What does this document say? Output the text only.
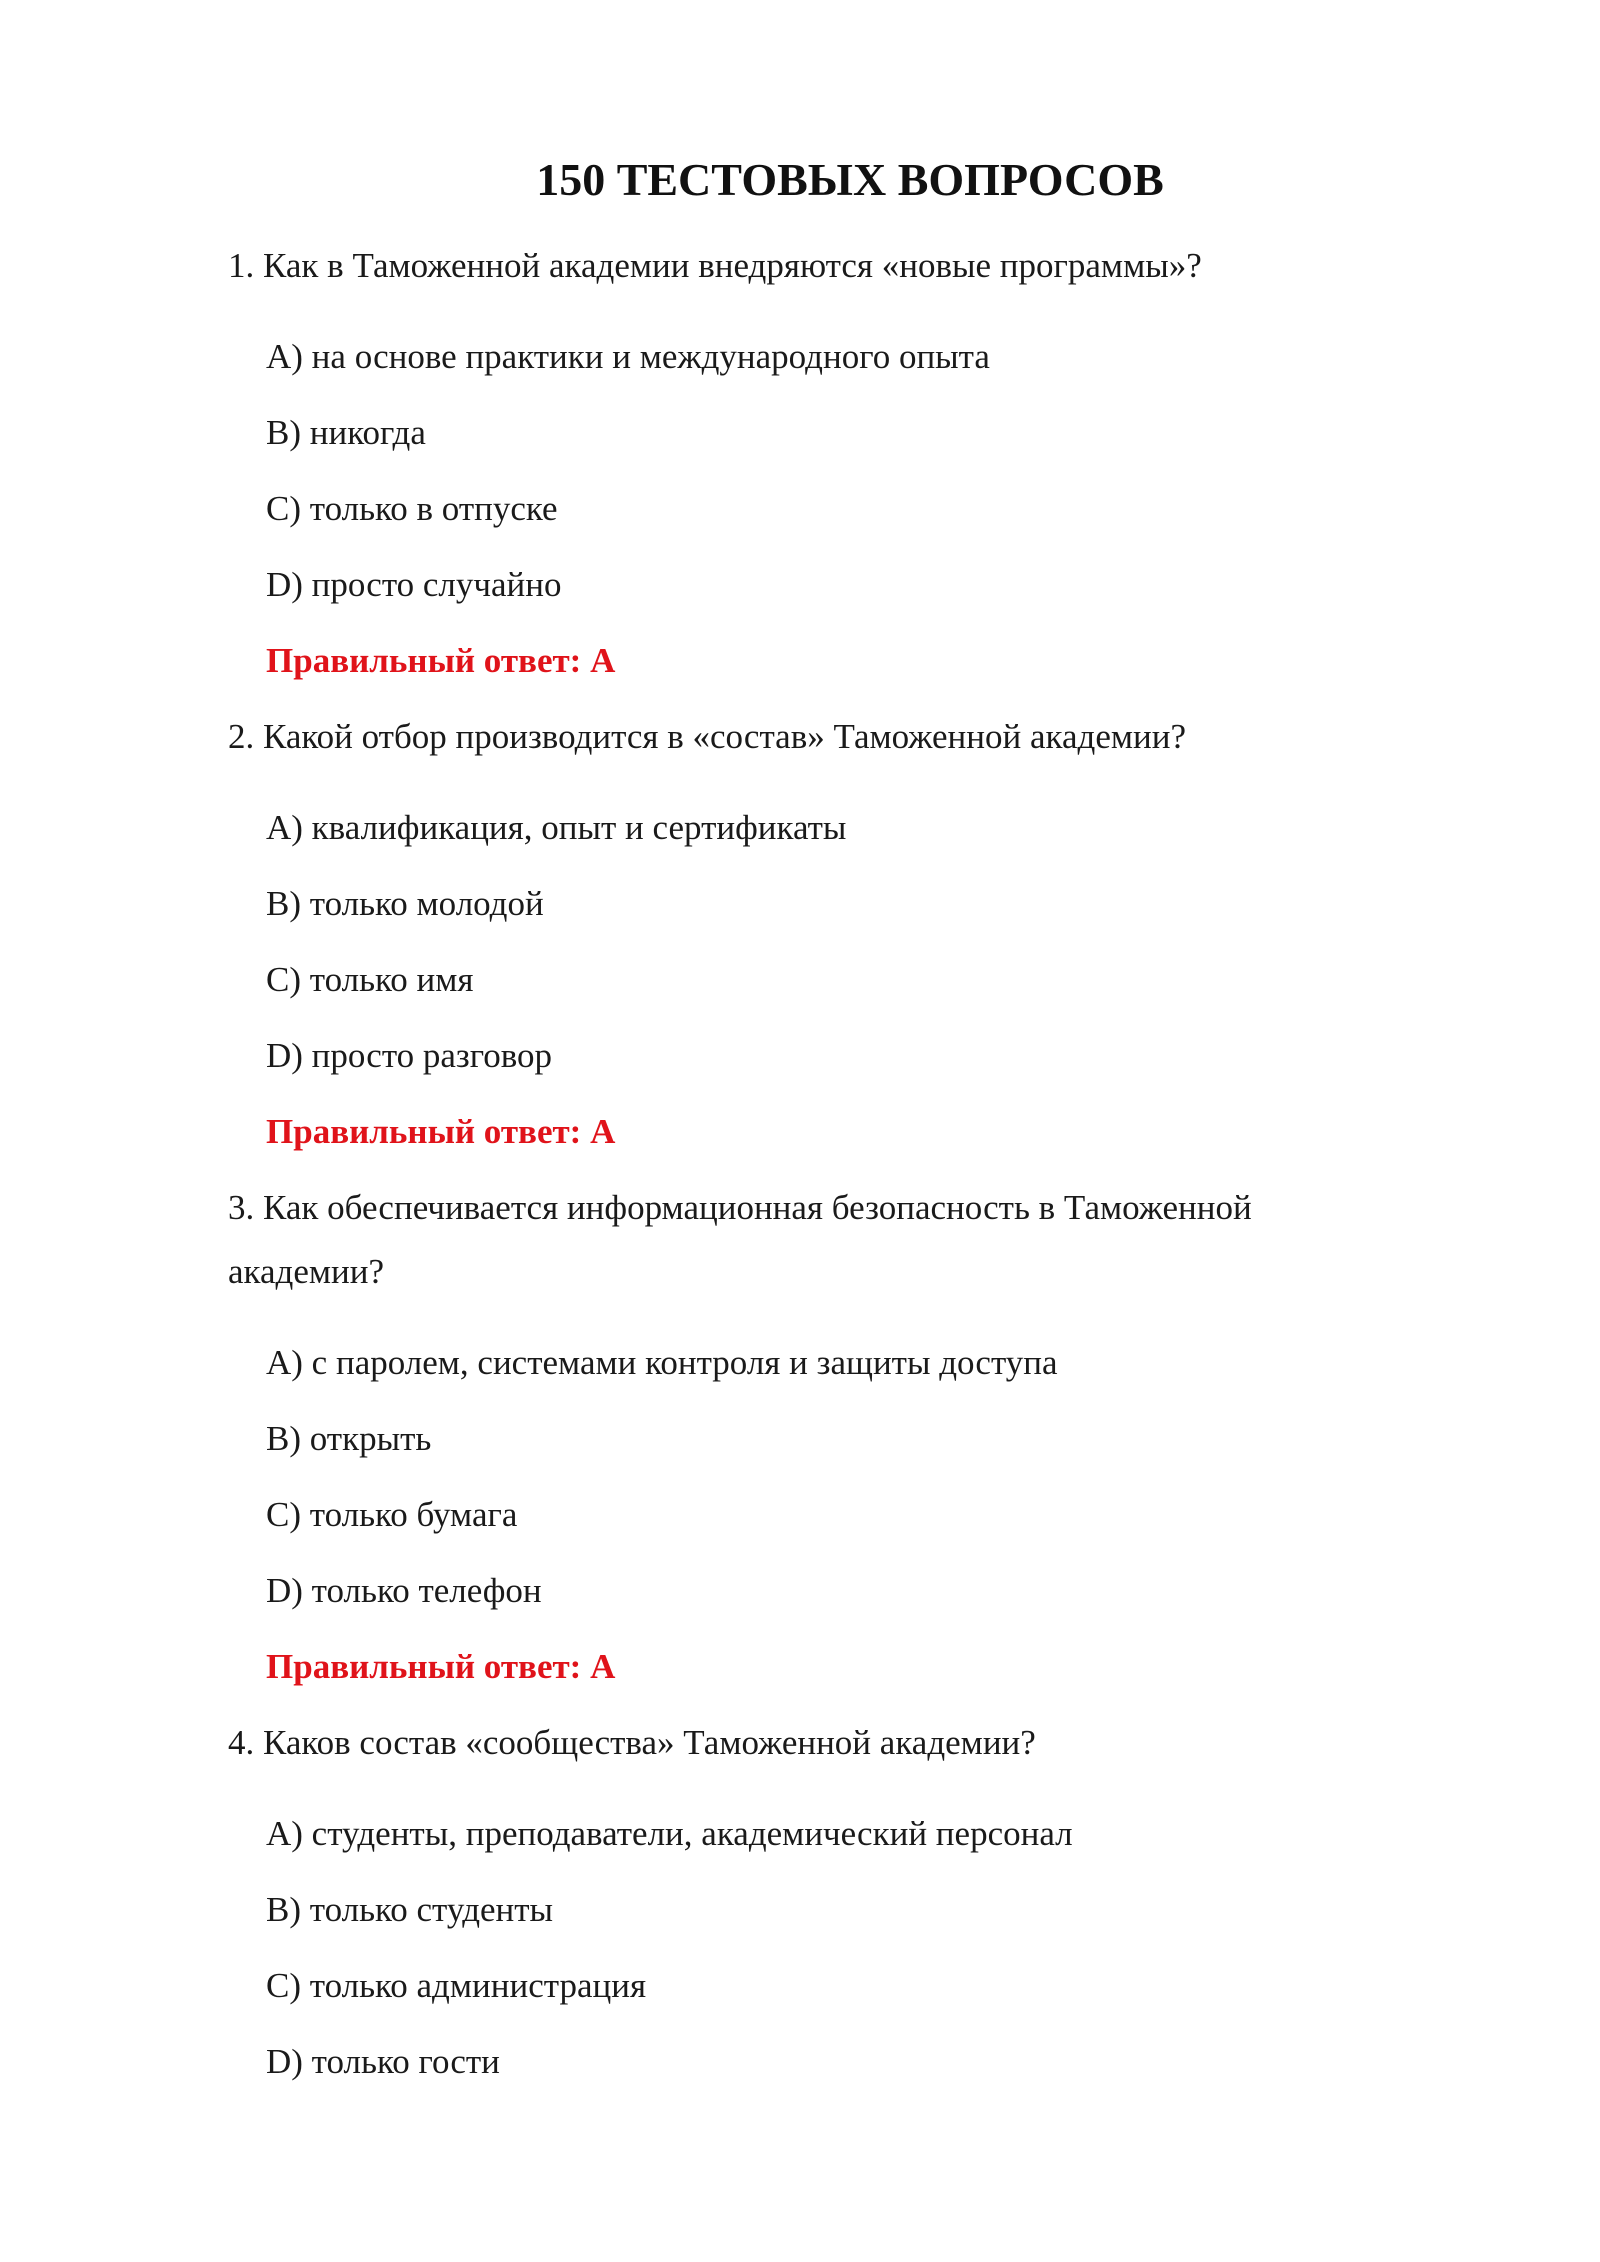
150 ТЕСТОВЫХ ВОПРОСОВ

1. Как в Таможенной академии внедряются «новые программы»?

A) на основе практики и международного опыта

B) никогда

C) только в отпуске

D) просто случайно

Правильный ответ: A

2. Какой отбор производится в «состав» Таможенной академии?

A) квалификация, опыт и сертификаты

B) только молодой

C) только имя

D) просто разговор

Правильный ответ: A

3. Как обеспечивается информационная безопасность в Таможенной

академии?

A) с паролем, системами контроля и защиты доступа

B) открыть

C) только бумага

D) только телефон

Правильный ответ: A

4. Каков состав «сообщества» Таможенной академии?

A) студенты, преподаватели, академический персонал

B) только студенты

C) только администрация

D) только гости
